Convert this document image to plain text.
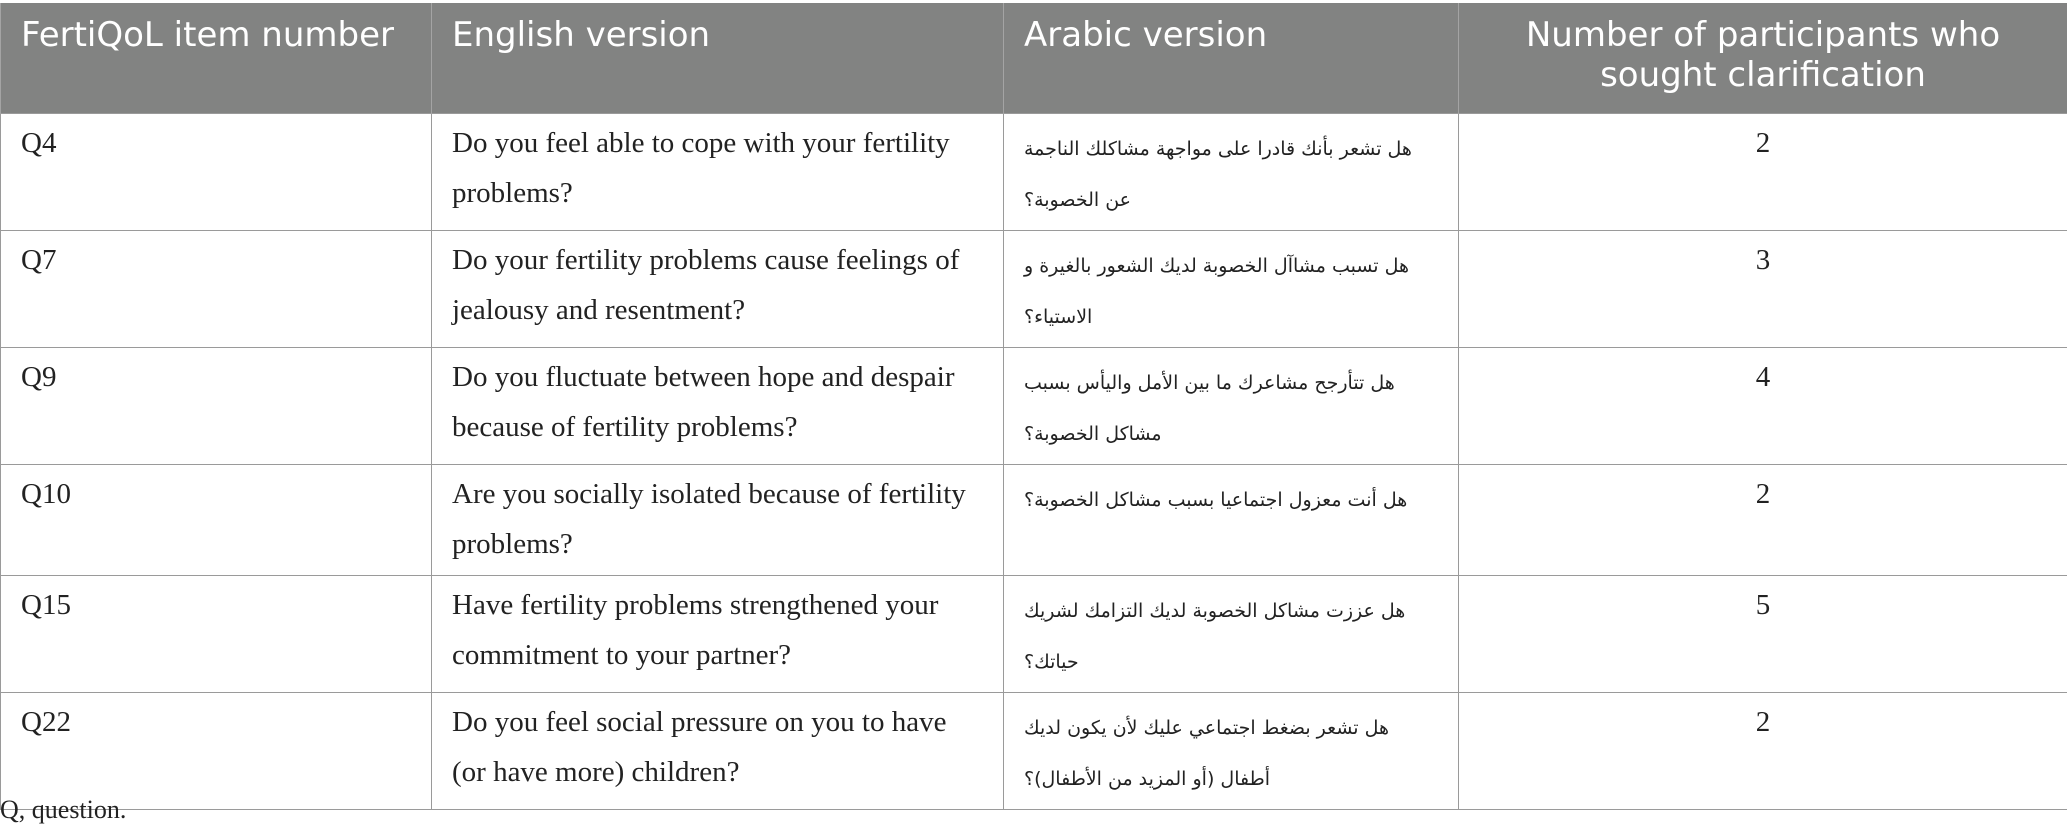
FertiQoL item number	English version	Arabic version	Number of participants who sought clarification
Q4	Do you feel able to cope with your fertility problems?	هل تشعر بأنك قادرا على مواجهة مشاكلك الناجمة عن الخصوبة؟	2
Q7	Do your fertility problems cause feelings of jealousy and resentment?	هل تسبب مشاآل الخصوبة لديك الشعور بالغيرة و الاستياء؟	3
Q9	Do you fluctuate between hope and despair because of fertility problems?	هل تتأرجح مشاعرك ما بين الأمل واليأس بسبب مشاكل الخصوبة؟	4
Q10	Are you socially isolated because of fertility problems?	هل أنت معزول اجتماعيا بسبب مشاكل الخصوبة؟	2
Q15	Have fertility problems strengthened your commitment to your partner?	هل عززت مشاكل الخصوبة لديك التزامك لشريك حياتك؟	5
Q22	Do you feel social pressure on you to have (or have more) children?	هل تشعر بضغط اجتماعي عليك لأن يكون لديك أطفال (أو المزيد من الأطفال)؟	2
Q, question.
